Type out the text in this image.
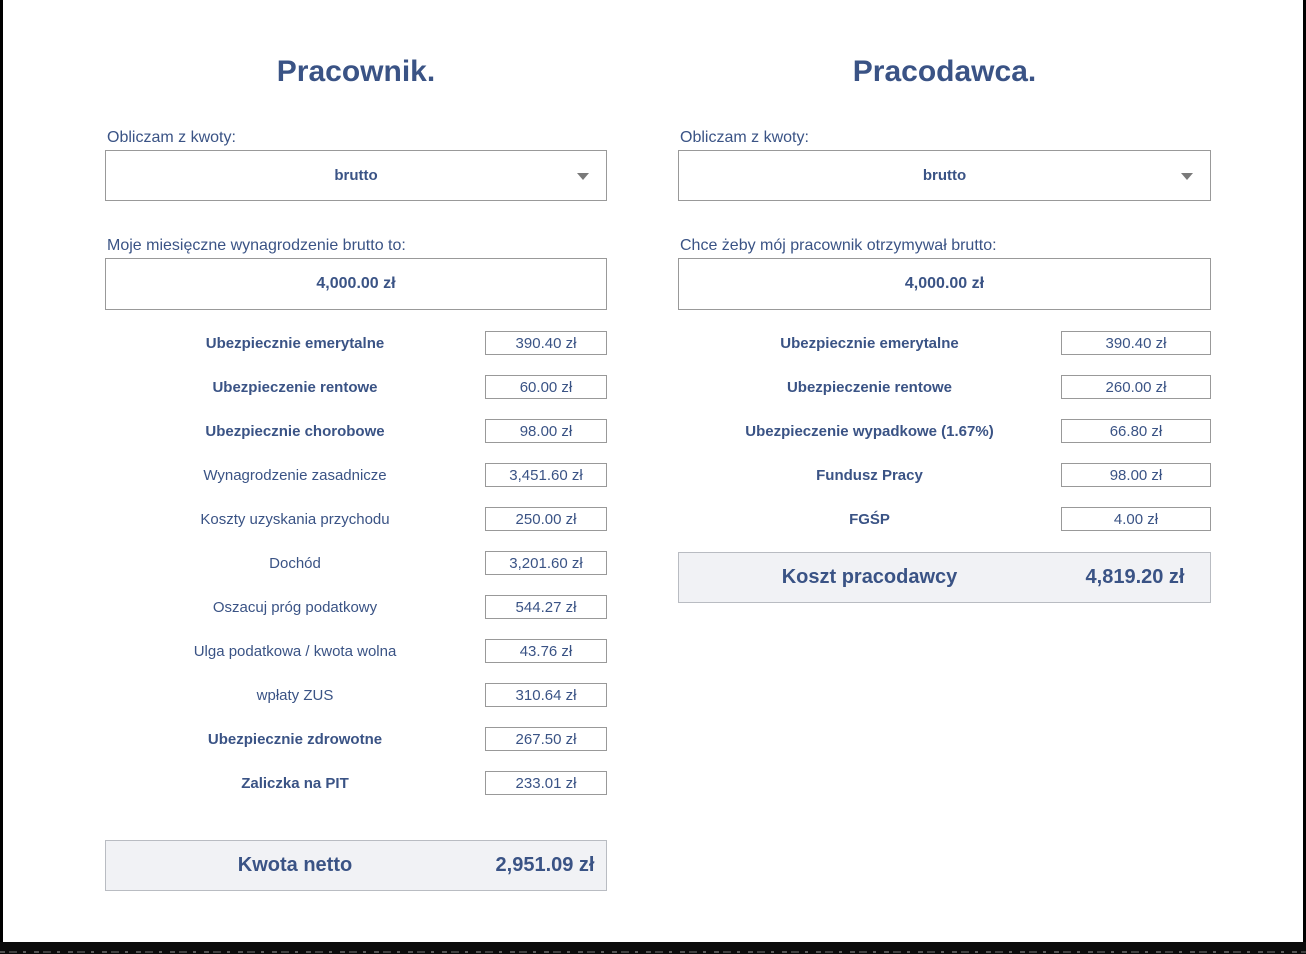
Pracownik.
Obliczam z kwoty:
brutto
Moje miesięczne wynagrodzenie brutto to:
4,000.00 zł
Ubezpiecznie emerytalne	390.40 zł
Ubezpieczenie rentowe	60.00 zł
Ubezpiecznie chorobowe	98.00 zł
Wynagrodzenie zasadnicze	3,451.60 zł
Koszty uzyskania przychodu	250.00 zł
Dochód	3,201.60 zł
Oszacuj próg podatkowy	544.27 zł
Ulga podatkowa / kwota wolna	43.76 zł
wpłaty ZUS	310.64 zł
Ubezpiecznie zdrowotne	267.50 zł
Zaliczka na PIT	233.01 zł
Kwota netto	2,951.09 zł
Pracodawca.
Obliczam z kwoty:
brutto
Chce żeby mój pracownik otrzymywał brutto:
4,000.00 zł
Ubezpiecznie emerytalne	390.40 zł
Ubezpieczenie rentowe	260.00 zł
Ubezpieczenie wypadkowe (1.67%)	66.80 zł
Fundusz Pracy	98.00 zł
FGŚP	4.00 zł
Koszt pracodawcy	4,819.20 zł
